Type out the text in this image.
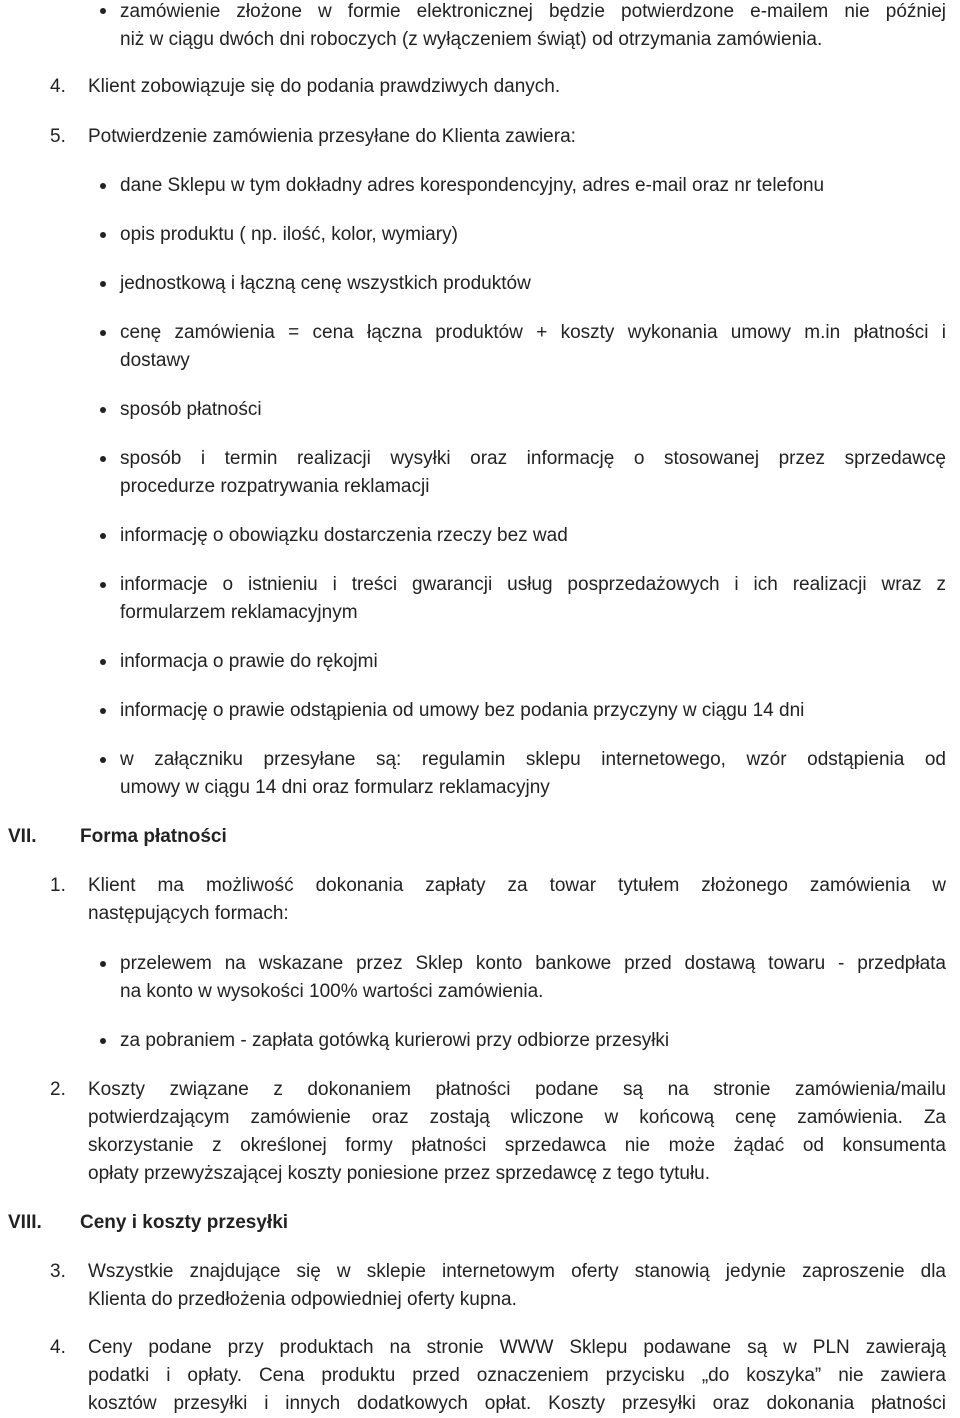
zamówienie złożone w formie elektronicznej będzie potwierdzone e-mailem nie później
niż w ciągu dwóch dni roboczych (z wyłączeniem świąt) od otrzymania zamówienia.
4. Klient zobowiązuje się do podania prawdziwych danych.
5. Potwierdzenie zamówienia przesyłane do Klienta zawiera:
dane Sklepu w tym dokładny adres korespondencyjny, adres e-mail oraz nr telefonu
opis produktu ( np. ilość, kolor, wymiary)
jednostkową i łączną cenę wszystkich produktów
cenę zamówienia = cena łączna produktów + koszty wykonania umowy m.in płatności i
dostawy
sposób płatności
sposób i termin realizacji wysyłki oraz informację o stosowanej przez sprzedawcę
procedurze rozpatrywania reklamacji
informację o obowiązku dostarczenia rzeczy bez wad
informacje o istnieniu i treści gwarancji usług posprzedażowych i ich realizacji wraz z
formularzem reklamacyjnym
informacja o prawie do rękojmi
informację o prawie odstąpienia od umowy bez podania przyczyny w ciągu 14 dni
w załączniku przesyłane są: regulamin sklepu internetowego, wzór odstąpienia od
umowy w ciągu 14 dni oraz formularz reklamacyjny
VII. Forma płatności
1. Klient ma możliwość dokonania zapłaty za towar tytułem złożonego zamówienia w
następujących formach:
przelewem na wskazane przez Sklep konto bankowe przed dostawą towaru - przedpłata
na konto w wysokości 100% wartości zamówienia.
za pobraniem - zapłata gotówką kurierowi przy odbiorze przesyłki
2. Koszty związane z dokonaniem płatności podane są na stronie zamówienia/mailu
potwierdzającym zamówienie oraz zostają wliczone w końcową cenę zamówienia. Za
skorzystanie z określonej formy płatności sprzedawca nie może żądać od konsumenta
opłaty przewyższającej koszty poniesione przez sprzedawcę z tego tytułu.
VIII. Ceny i koszty przesyłki
3. Wszystkie znajdujące się w sklepie internetowym oferty stanowią jedynie zaproszenie dla
Klienta do przedłożenia odpowiedniej oferty kupna.
4. Ceny podane przy produktach na stronie WWW Sklepu podawane są w PLN zawierają
podatki i opłaty. Cena produktu przed oznaczeniem przycisku „do koszyka” nie zawiera
kosztów przesyłki i innych dodatkowych opłat. Koszty przesyłki oraz dokonania płatności
